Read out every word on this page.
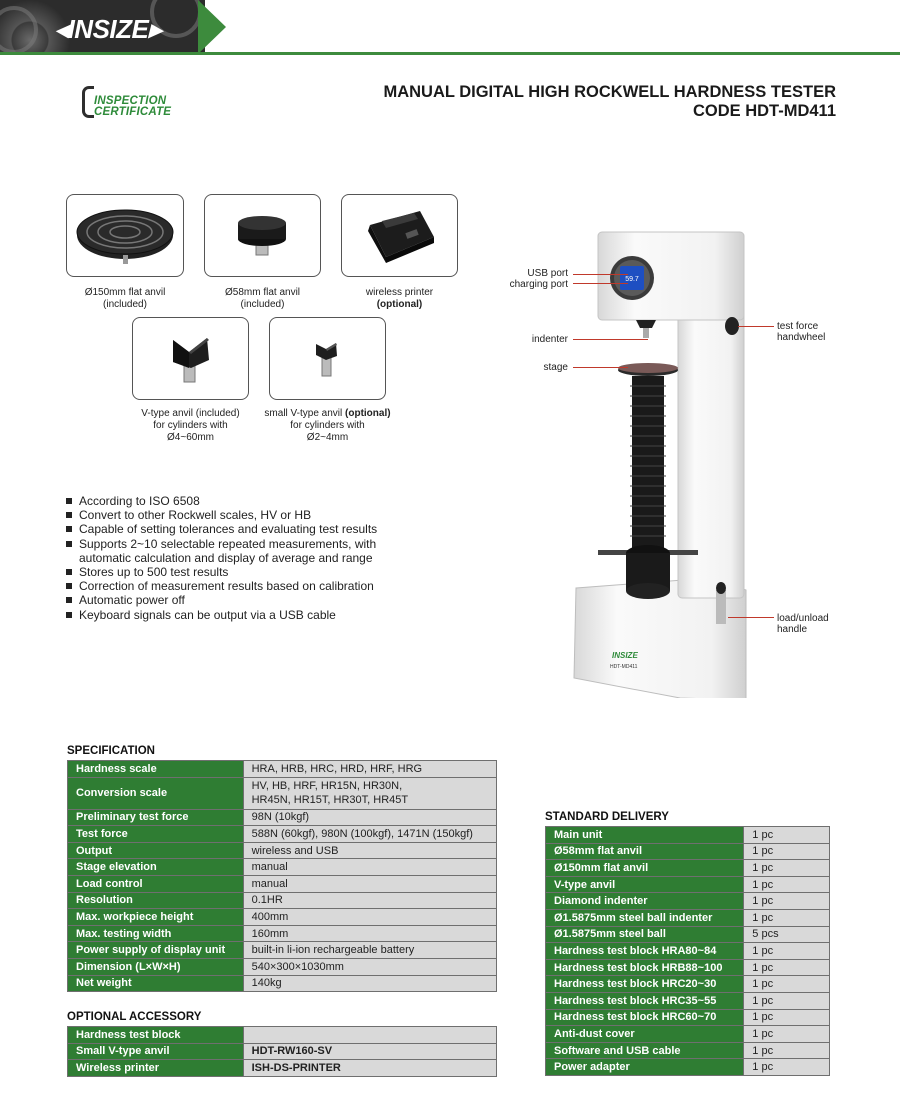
◂INSIZE▸
INSPECTION
CERTIFICATE
MANUAL DIGITAL HIGH ROCKWELL HARDNESS TESTER
CODE HDT-MD411
Ø150mm flat anvil
(included)
Ø58mm flat anvil
(included)
wireless printer
(optional)
V-type anvil (included)
for cylinders with
Ø4~60mm
small V-type anvil (optional)
for cylinders with
Ø2~4mm
According to ISO 6508
Convert to other Rockwell scales, HV or HB
Capable of setting tolerances and evaluating test results
Supports 2~10 selectable repeated measurements, with
automatic calculation and display of average and range
Stores up to 500 test results
Correction of measurement results based on calibration
Automatic power off
Keyboard signals can be output via a USB cable
59.7
INSIZE
HDT-MD411
USB port
charging port
indenter
stage
test force
handwheel
load/unload
handle
SPECIFICATION
Hardness scale	HRA, HRB, HRC, HRD, HRF, HRG
Conversion scale	HV, HB, HRF, HR15N, HR30N,
HR45N, HR15T, HR30T, HR45T

Preliminary test force	98N (10kgf)
Test force	588N (60kgf), 980N (100kgf), 1471N (150kgf)
Output	wireless and USB
Stage elevation	manual
Load control	manual
Resolution	0.1HR
Max. workpiece height	400mm
Max. testing width	160mm
Power supply of display unit	built-in li-ion rechargeable battery
Dimension (L×W×H)	540×300×1030mm
Net weight	140kg
OPTIONAL ACCESSORY
Hardness test block	
Small V-type anvil	HDT-RW160-SV
Wireless printer	ISH-DS-PRINTER
STANDARD DELIVERY
Main unit	1 pc
Ø58mm flat anvil	1 pc
Ø150mm flat anvil	1 pc
V-type anvil	1 pc
Diamond indenter	1 pc
Ø1.5875mm steel ball indenter	1 pc
Ø1.5875mm steel ball	5 pcs
Hardness test block HRA80~84	1 pc
Hardness test block HRB88~100	1 pc
Hardness test block HRC20~30	1 pc
Hardness test block HRC35~55	1 pc
Hardness test block HRC60~70	1 pc
Anti-dust cover	1 pc
Software and USB cable	1 pc
Power adapter	1 pc
